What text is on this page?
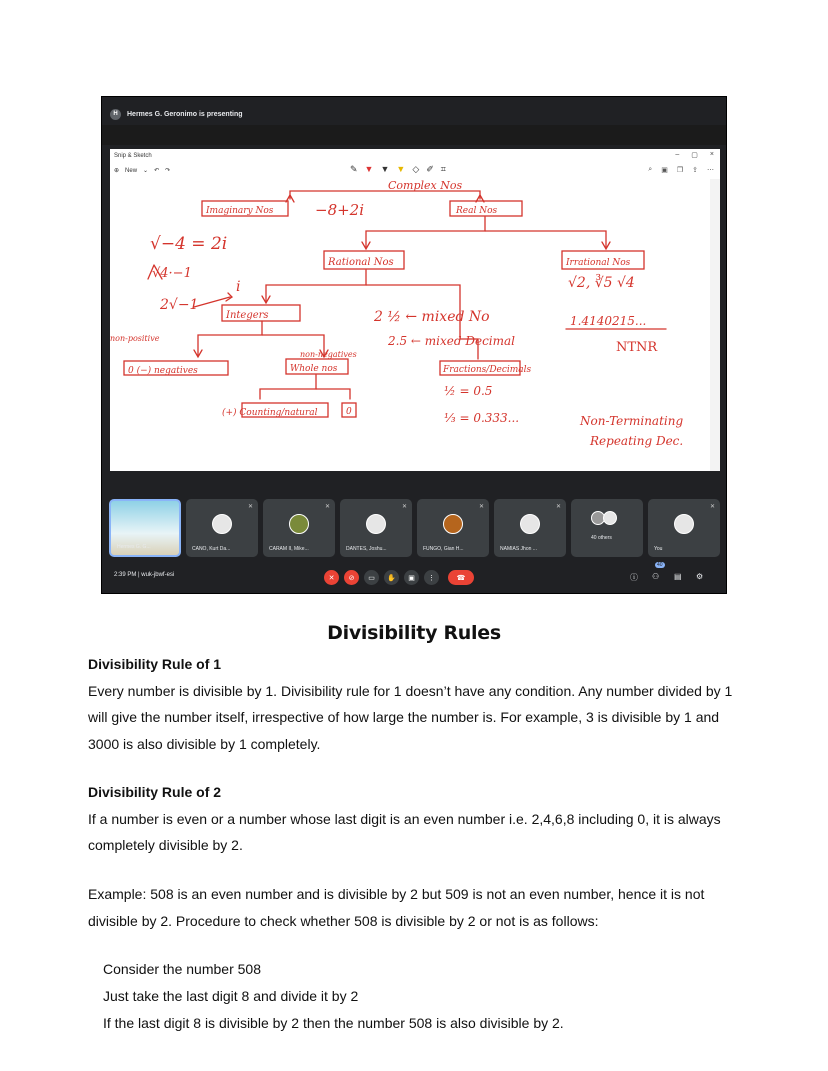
H	Hermes G. Geronimo is presenting
Snip & Sketch	– ▢ ×
⊕ New ⌄ ↶ ↷	✎ ▼ ▼ ▼ ◇ ✐ ⌗	⌕ ▣ ❐ ⇪ ⋯
Complex Nos
Imaginary Nos	−8+2i	Real Nos
√−4 = 2i
√4·−1
2√−1
i
Rational Nos	Irrational Nos
√2, ∛5 √4
1.4140215...
NTNR
Integers	2 ½ ← mixed No
2.5 ← mixed Decimal
non-positive
0 (−) negatives
non-negatives
Whole nos
(+) Counting/natural	0
Fractions/Decimals
½ = 0.5
⅓ = 0.333...	Non-Terminating
Repeating Dec.
Hermes G. G...
✕
CANO, Kurt Da...
✕
CARAM II, Mike...
✕
DANTES, Joshu...
✕
FUNGO, Gian H...
✕
NAMIAS Jhon ...
40 others
✕
You
2:39 PM | wuk-jbwf-esi	✕	⊘	▭	✋	▣	⋮	☎	ⓘ ⚇
40
▤ ⚙
Divisibility Rules
Divisibility Rule of 1

Every number is divisible by 1. Divisibility rule for 1 doesn’t have any condition. Any number divided by 1 will give the number itself, irrespective of how large the number is. For example, 3 is divisible by 1 and 3000 is also divisible by 1 completely.

Divisibility Rule of 2

If a number is even or a number whose last digit is an even number i.e. 2,4,6,8 including 0, it is always completely divisible by 2.

Example: 508 is an even number and is divisible by 2 but 509 is not an even number, hence it is not divisible by 2. Procedure to check whether 508 is divisible by 2 or not is as follows:

Consider the number 508

Just take the last digit 8 and divide it by 2

If the last digit 8 is divisible by 2 then the number 508 is also divisible by 2.
